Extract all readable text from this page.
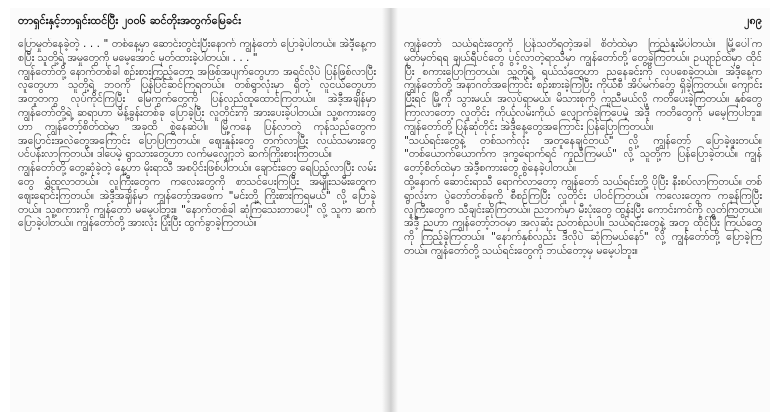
တာရှင်းနှင့်ဘာရှင်းထင်ပြီး ၂၀၀၆ ဆင်တိုးအတွက်မြေခင်း	၂၈၉

ပြောမှုတ်နေခဲ့တဲ့ . . . " တစ်နေ့မှာ ဆောင်းတွင်းပြီးနောက် ကျွန်တော် ပြောခဲ့ပါတယ်။ အဲဒီ့နေ့ကစပြီး သူတို့ရဲ့ အမှုတွေကို မမေ့အောင် မှတ်ထားခဲ့ပါတယ်။ . . . "

ကျွန်တော်တို့ နောက်တစ်ခါ စဉ်းစားကြည့်တော့ အဖြစ်အပျက်တွေဟာ အရင်လိုပဲ ပြန်ဖြစ်လာပြီး လူတွေဟာ သူတို့ရဲ့ ဘဝကို ပြန်ပြင်ဆင်ကြရတယ်။ တစ်ရွာလုံးမှာ ရှိတဲ့ လူငယ်တွေဟာ အတူတကွ လုပ်ကိုင်ကြပြီး မြေကွက်တွေကို ပြန်လည်ထူထောင်ကြတယ်။ အဲဒီ့အချိန်မှာ ကျွန်တော်တို့ရဲ့ ဆရာဟာ မိန့်ခွန်းတစ်ခု ပြောခဲ့ပြီး လူတိုင်းကို အားပေးခဲ့ပါတယ်။ သူ့စကားတွေဟာ ကျွန်တော့်စိတ်ထဲမှာ အခုထိ စွဲနေဆဲပါ။ မြို့ကနေ ပြန်လာတဲ့ ကုန်သည်တွေက အပြောင်းအလဲတွေအကြောင်း ပြောပြကြတယ်။ ဈေးနှုန်းတွေ တက်လာပြီး လယ်သမားတွေ ပင်ပန်းလာကြတယ်။ ဒါပေမဲ့ ရွာသားတွေဟာ လက်မလျှော့ဘဲ ဆက်ကြိုးစားကြတယ်။

ကျွန်တော်တို့ တွေ့ဆုံခဲ့တဲ့ နေ့ဟာ မိုးရာသီ အစပိုင်းဖြစ်ပါတယ်။ ချောင်းတွေ ရေပြည့်လာပြီး လမ်းတွေ ရွှံ့ထူလာတယ်။ လူကြီးတွေက ကလေးတွေကို စာသင်ပေးကြပြီး အမျိုးသမီးတွေက ဈေးရောင်းကြတယ်။ အဲဒီ့အချိန်မှာ ကျွန်တော့်အဖေက "မင်းတို့ ကြိုးစားကြရမယ်" လို့ ပြောခဲ့တယ်။ သူ့စကားကို ကျွန်တော် မမေ့ပါဘူး။ "နောက်တစ်ခါ ဆုံကြသေးတာပေါ့" လို့ သူက ဆက်ပြောခဲ့ပါတယ်။ ကျွန်တော်တို့ အားလုံး ပြုံးပြီး ထွက်ခွာခဲ့ကြတယ်။

ကျွန်တော် သယ်ရင်းတွေကို ပြန်သတိရတဲ့အခါ စိတ်ထဲမှာ ကြည်နူးမိပါတယ်။ မြို့ပေါ်က မှတ်မှတ်ရရ ချယ်ရီပင်တွေ ပွင့်လာတဲ့ရာသီမှာ ကျွန်တော်တို့ တွေ့ခဲ့ကြတယ်။ ဥယျာဉ်ထဲမှာ ထိုင်ပြီး စကားပြောကြတယ်။ သူတို့ရဲ့ ရယ်သံတွေဟာ ညနေခင်းကို လှပစေခဲ့တယ်။ အဲဒီ့နေ့က ကျွန်တော်တို့ အနာဂတ်အကြောင်း စဉ်းစားခဲ့ကြပြီး ကိုယ်စီ အိပ်မက်တွေ ရှိခဲ့ကြတယ်။ ကျောင်းပြီးရင် မြို့ကို သွားမယ်၊ အလုပ်ရှာမယ်၊ မိသားစုကို ကူညီမယ်လို့ ကတိပေးခဲ့ကြတယ်။ နှစ်တွေ ကြာလာတော့ လူတိုင်း ကိုယ့်လမ်းကိုယ် လျှောက်ခဲ့ကြပေမဲ့ အဲဒီ့ ကတိတွေကို မမေ့ကြပါဘူး။ ကျွန်တော်တို့ ပြန်ဆုံတိုင်း အဲဒီ့နေ့တွေအကြောင်း ပြန်ပြောကြတယ်။

"သယ်ရင်းတွေနဲ့ တစ်သက်လုံး အတူနေချင်တယ်" လို့ ကျွန်တော် ပြောခဲ့ဖူးတယ်။ "တစ်ယောက်ယောက်က ဒုက္ခရောက်ရင် ကူညီကြမယ်" လို့ သူတို့က ပြန်ပြောခဲ့တယ်။ ကျွန်တော့်စိတ်ထဲမှာ အဲဒီ့စကားတွေ စွဲနေခဲ့ပါတယ်။

ထို့နောက် ဆောင်းရာသီ ရောက်လာတော့ ကျွန်တော် သယ်ရင်းတို့ ပိုပြီး နီးစပ်လာကြတယ်။ တစ်ရွာလုံးက ပွဲတော်တစ်ခုကို စီစဉ်ကြပြီး လူတိုင်း ပါဝင်ကြတယ်။ ကလေးတွေက ကခုန်ကြပြီး လူကြီးတွေက သီချင်းဆိုကြတယ်။ ညဘက်မှာ မီးပုံးတွေ ထွန်းပြီး ကောင်းကင်ကို လွှတ်ကြတယ်။ အဲဒီ့ ညဟာ ကျွန်တော့်ဘဝမှာ အလှဆုံး ညတစ်ညပါ။ သယ်ရင်းတွေနဲ့ အတူ ထိုင်ပြီး ကြယ်တွေကို ကြည့်ခဲ့ကြတယ်။ "နောက်နှစ်လည်း ဒီလိုပဲ ဆုံကြမယ်နော်" လို့ ကျွန်တော်တို့ ပြောခဲ့ကြတယ်။ ကျွန်တော်တို့ သယ်ရင်းတွေကို ဘယ်တော့မှ မမေ့ပါဘူး။
